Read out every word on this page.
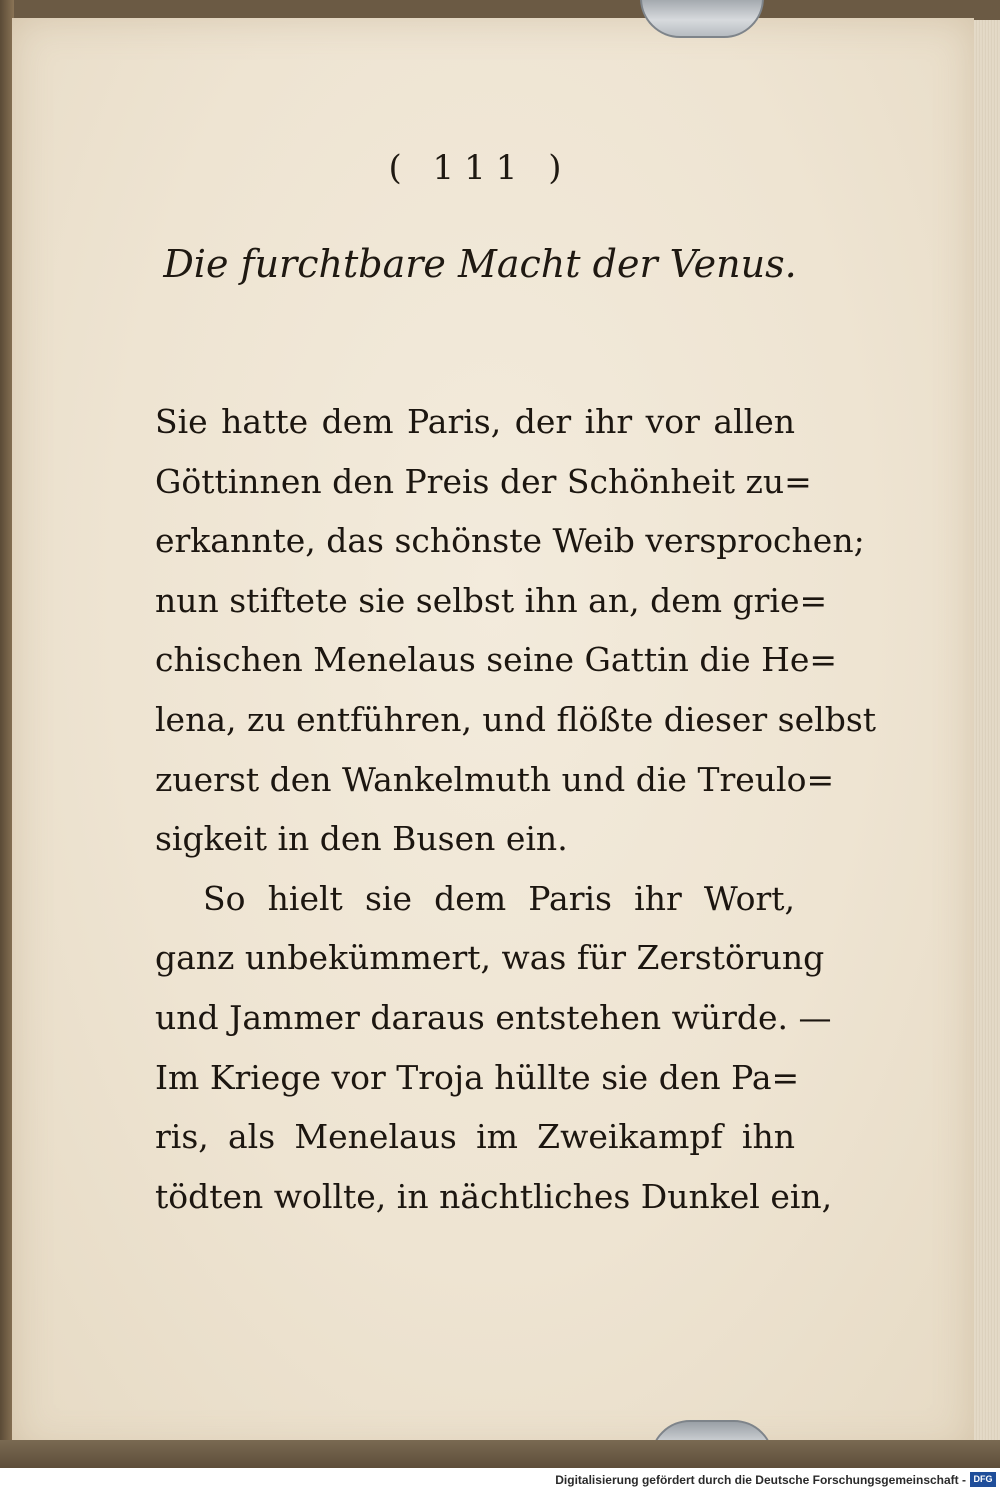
( 111 )
Die furchtbare Macht der Venus.
Sie hatte dem Paris, der ihr vor allen
Göttinnen den Preis der Schönheit zu=
erkannte, das schönste Weib versprochen;
nun stiftete sie selbst ihn an, dem grie=
chischen Menelaus seine Gattin die He=
lena, zu entführen, und flößte dieser selbst
zuerst den Wankelmuth und die Treulo=
sigkeit in den Busen ein.
So hielt sie dem Paris ihr Wort,
ganz unbekümmert, was für Zerstörung
und Jammer daraus entstehen würde. —
Im Kriege vor Troja hüllte sie den Pa=
ris, als Menelaus im Zweikampf ihn
tödten wollte, in nächtliches Dunkel ein,
Digitalisierung gefördert durch die Deutsche Forschungsgemeinschaft - DFG
